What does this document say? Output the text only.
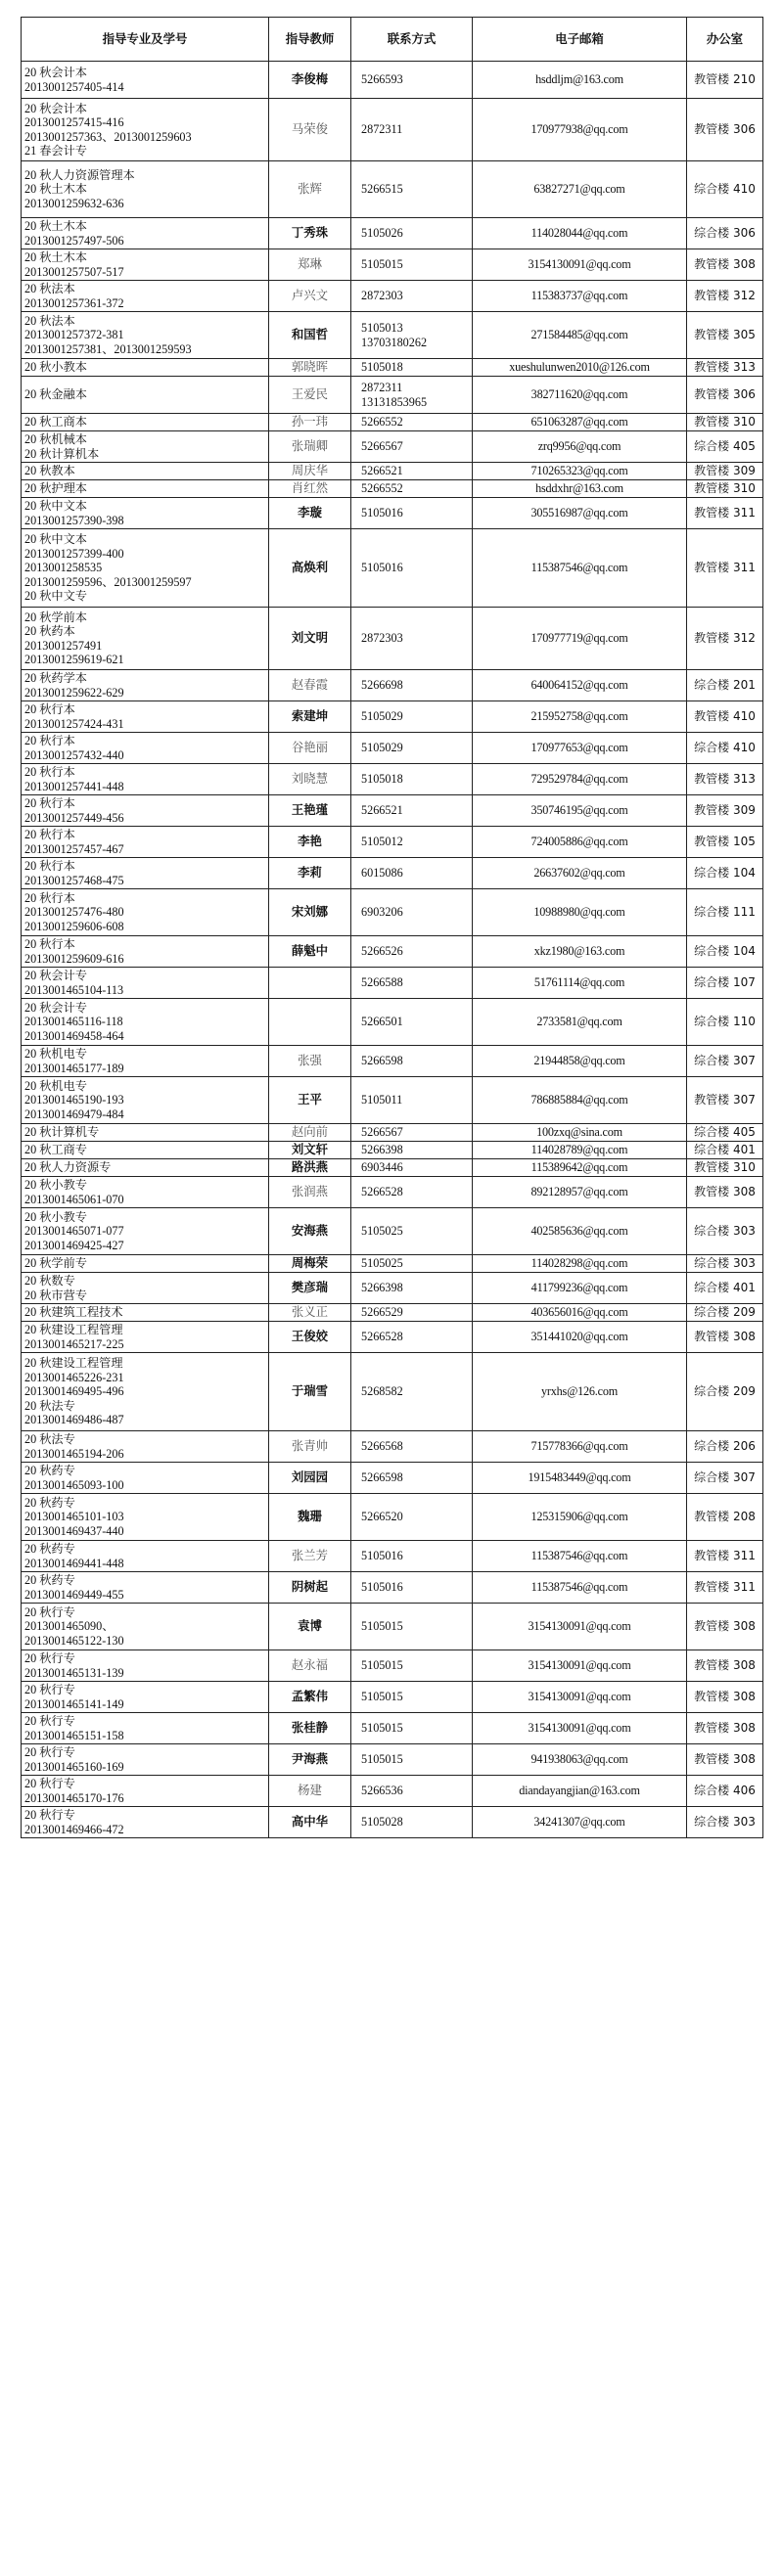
指导专业及学号	指导教师	联系方式	电子邮箱	办公室

20 秋会计本
2013001257405-414	李俊梅	5266593	hsddljm@163.com	教管楼 210

20 秋会计本
2013001257415-416
2013001257363、2013001259603
21 春会计专	马荣俊	2872311	170977938@qq.com	教管楼 306

20 秋人力资源管理本
20 秋土木本
2013001259632-636	张辉	5266515	63827271@qq.com	综合楼 410

20 秋土木本
2013001257497-506	丁秀珠	5105026	114028044@qq.com	综合楼 306

20 秋土木本
2013001257507-517	郑琳	5105015	3154130091@qq.com	教管楼 308

20 秋法本
2013001257361-372	卢兴文	2872303	115383737@qq.com	教管楼 312

20 秋法本
2013001257372-381
2013001257381、2013001259593	和国哲	5105013
13703180262	271584485@qq.com	教管楼 305

20 秋小教本	郭晓晖	5105018	xueshulunwen2010@126.com	教管楼 313

20 秋金融本	王爱民	2872311
13131853965	382711620@qq.com	教管楼 306

20 秋工商本	孙一玮	5266552	651063287@qq.com	教管楼 310

20 秋机械本
20 秋计算机本	张瑞卿	5266567	zrq9956@qq.com	综合楼 405

20 秋教本	周庆华	5266521	710265323@qq.com	教管楼 309

20 秋护理本	肖红然	5266552	hsddxhr@163.com	教管楼 310

20 秋中文本
2013001257390-398	李璇	5105016	305516987@qq.com	教管楼 311

20 秋中文本
2013001257399-400
2013001258535
2013001259596、2013001259597
20 秋中文专	高焕利	5105016	115387546@qq.com	教管楼 311

20 秋学前本
20 秋药本
2013001257491
2013001259619-621	刘文明	2872303	170977719@qq.com	教管楼 312

20 秋药学本
2013001259622-629	赵春霞	5266698	640064152@qq.com	综合楼 201

20 秋行本
2013001257424-431	索建坤	5105029	215952758@qq.com	教管楼 410

20 秋行本
2013001257432-440	谷艳丽	5105029	170977653@qq.com	综合楼 410

20 秋行本
2013001257441-448	刘晓慧	5105018	729529784@qq.com	教管楼 313

20 秋行本
2013001257449-456	王艳瑾	5266521	350746195@qq.com	教管楼 309

20 秋行本
2013001257457-467	李艳	5105012	724005886@qq.com	教管楼 105

20 秋行本
2013001257468-475	李莉	6015086	26637602@qq.com	综合楼 104

20 秋行本
2013001257476-480
2013001259606-608	宋刘娜	6903206	10988980@qq.com	综合楼 111

20 秋行本
2013001259609-616	薛魁中	5266526	xkz1980@163.com	综合楼 104

20 秋会计专
2013001465104-113		5266588	51761114@qq.com	综合楼 107

20 秋会计专
2013001465116-118
2013001469458-464		5266501	2733581@qq.com	综合楼 110

20 秋机电专
2013001465177-189	张强	5266598	21944858@qq.com	综合楼 307

20 秋机电专
2013001465190-193
2013001469479-484	王平	5105011	786885884@qq.com	教管楼 307

20 秋计算机专	赵向前	5266567	100zxq@sina.com	综合楼 405

20 秋工商专	刘文轩	5266398	114028789@qq.com	综合楼 401

20 秋人力资源专	路洪燕	6903446	115389642@qq.com	教管楼 310

20 秋小教专
2013001465061-070	张润燕	5266528	892128957@qq.com	教管楼 308

20 秋小教专
2013001465071-077
2013001469425-427	安海燕	5105025	402585636@qq.com	综合楼 303

20 秋学前专	周梅荣	5105025	114028298@qq.com	综合楼 303

20 秋数专
20 秋市营专	樊彦瑞	5266398	411799236@qq.com	综合楼 401

20 秋建筑工程技术	张义正	5266529	403656016@qq.com	综合楼 209

20 秋建设工程管理
2013001465217-225	王俊姣	5266528	351441020@qq.com	教管楼 308

20 秋建设工程管理
2013001465226-231
2013001469495-496
20 秋法专
2013001469486-487	于瑞雪	5268582	yrxhs@126.com	综合楼 209

20 秋法专
2013001465194-206	张青帅	5266568	715778366@qq.com	综合楼 206

20 秋药专
2013001465093-100	刘园园	5266598	1915483449@qq.com	综合楼 307

20 秋药专
2013001465101-103
2013001469437-440	魏珊	5266520	125315906@qq.com	教管楼 208

20 秋药专
2013001469441-448	张兰芳	5105016	115387546@qq.com	教管楼 311

20 秋药专
2013001469449-455	阴树起	5105016	115387546@qq.com	教管楼 311

20 秋行专
2013001465090、
2013001465122-130	袁博	5105015	3154130091@qq.com	教管楼 308

20 秋行专
2013001465131-139	赵永福	5105015	3154130091@qq.com	教管楼 308

20 秋行专
2013001465141-149	孟繁伟	5105015	3154130091@qq.com	教管楼 308

20 秋行专
2013001465151-158	张桂静	5105015	3154130091@qq.com	教管楼 308

20 秋行专
2013001465160-169	尹海燕	5105015	941938063@qq.com	教管楼 308

20 秋行专
2013001465170-176	杨建	5266536	diandayangjian@163.com	综合楼 406

20 秋行专
2013001469466-472	高中华	5105028	34241307@qq.com	综合楼 303
